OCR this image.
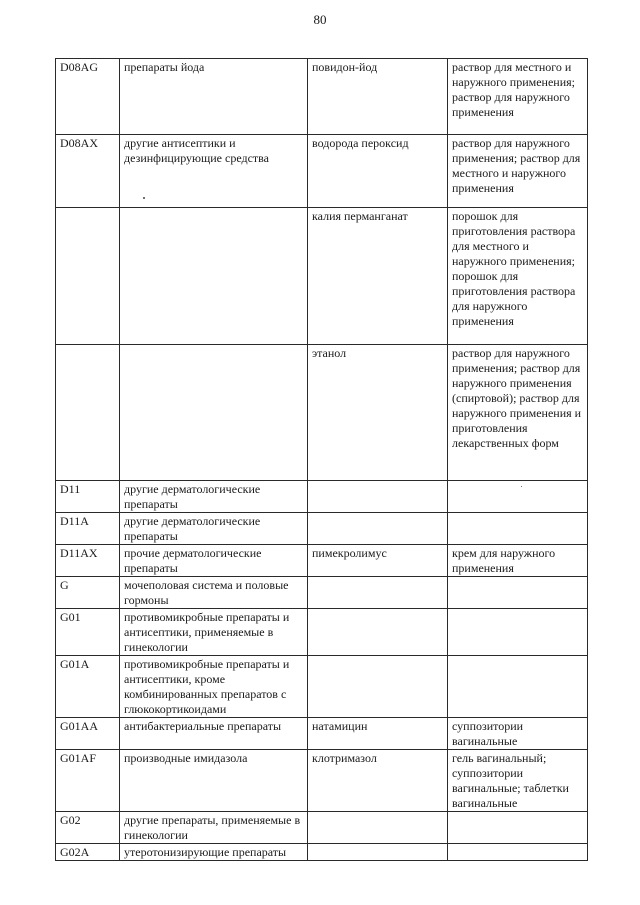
80
D08AG	препараты йода	повидон-йод	раствор для местного и наружного применения; раствор для наружного применения
D08AX	другие антисептики и дезинфицирующие средства	водорода пероксид	раствор для наружного применения; раствор для местного и наружного применения
		калия перманганат	порошок для приготовления раствора для местного и наружного применения; порошок для приготовления раствора для наружного применения
		этанол	раствор для наружного применения; раствор для наружного применения (спиртовой); раствор для наружного применения и приготовления лекарственных форм
D11	другие дерматологические препараты		
D11A	другие дерматологические препараты		
D11AX	прочие дерматологические препараты	пимекролимус	крем для наружного применения
G	мочеполовая система и половые гормоны		
G01	противомикробные препараты и антисептики, применяемые в гинекологии		
G01A	противомикробные препараты и антисептики, кроме комбинированных препаратов с глюкокортикоидами		
G01AA	антибактериальные препараты	натамицин	суппозитории вагинальные
G01AF	производные имидазола	клотримазол	гель вагинальный; суппозитории вагинальные; таблетки вагинальные
G02	другие препараты, применяемые в гинекологии		
G02A	утеротонизирующие препараты		
